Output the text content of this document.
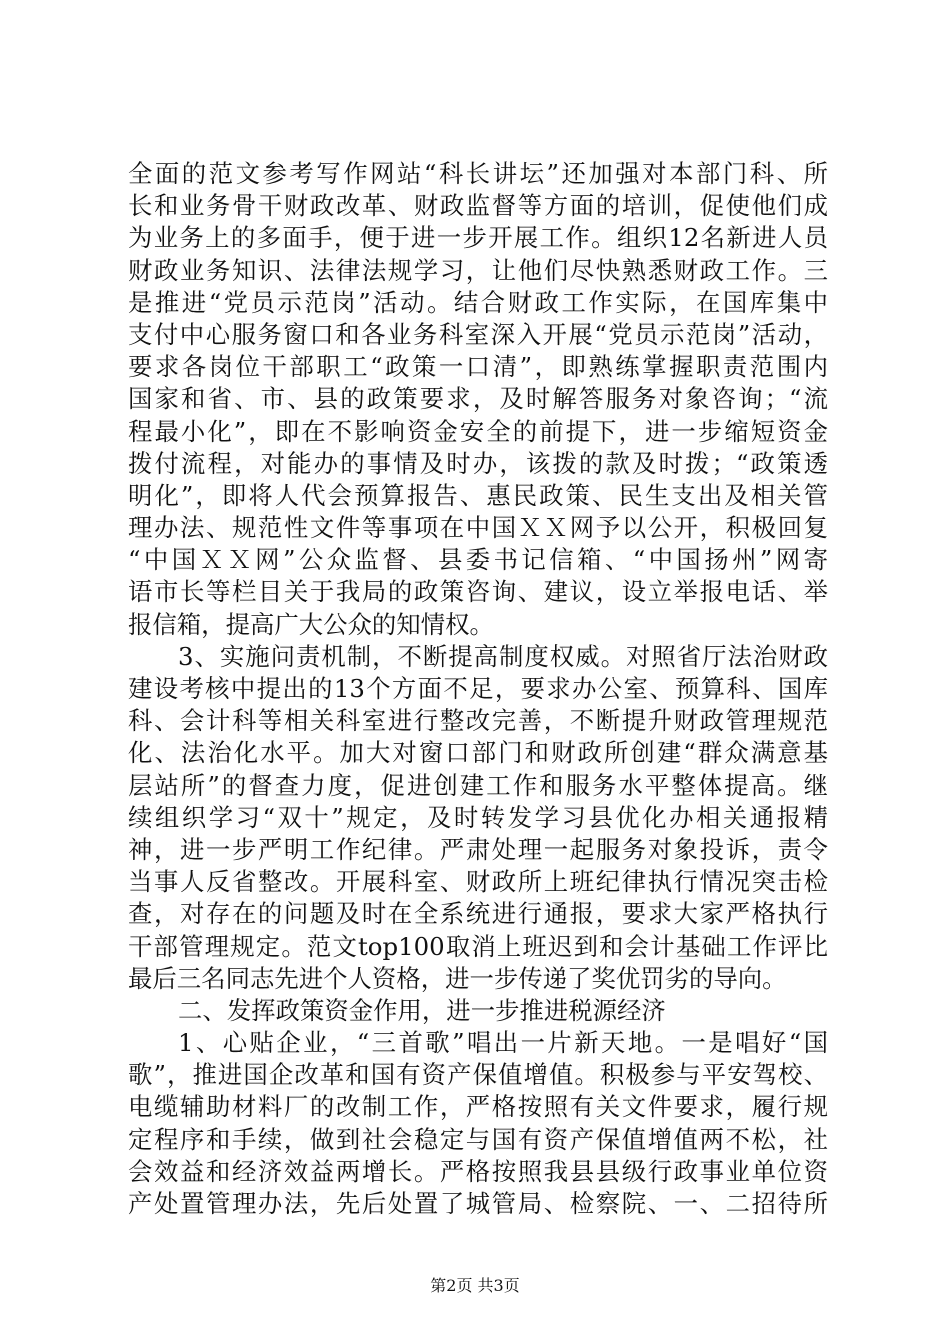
全面的范文参考写作网站“科长讲坛”还加强对本部门科、所
长和业务骨干财政改革、财政监督等方面的培训，促使他们成
为业务上的多面手，便于进一步开展工作。组织12名新进人员
财政业务知识、法律法规学习，让他们尽快熟悉财政工作。三
是推进“党员示范岗”活动。结合财政工作实际，在国库集中
支付中心服务窗口和各业务科室深入开展“党员示范岗”活动，
要求各岗位干部职工“政策一口清”，即熟练掌握职责范围内
国家和省、市、县的政策要求，及时解答服务对象咨询；“流
程最小化”，即在不影响资金安全的前提下，进一步缩短资金
拨付流程，对能办的事情及时办，该拨的款及时拨；“政策透
明化”，即将人代会预算报告、惠民政策、民生支出及相关管
理办法、规范性文件等事项在中国ＸＸ网予以公开，积极回复
“中国ＸＸ网”公众监督、县委书记信箱、“中国扬州”网寄
语市长等栏目关于我局的政策咨询、建议，设立举报电话、举
报信箱，提高广大公众的知情权。
3、实施问责机制，不断提高制度权威。对照省厅法治财政
建设考核中提出的13个方面不足，要求办公室、预算科、国库
科、会计科等相关科室进行整改完善，不断提升财政管理规范
化、法治化水平。加大对窗口部门和财政所创建“群众满意基
层站所”的督查力度，促进创建工作和服务水平整体提高。继
续组织学习“双十”规定，及时转发学习县优化办相关通报精
神，进一步严明工作纪律。严肃处理一起服务对象投诉，责令
当事人反省整改。开展科室、财政所上班纪律执行情况突击检
查，对存在的问题及时在全系统进行通报，要求大家严格执行
干部管理规定。范文top100取消上班迟到和会计基础工作评比
最后三名同志先进个人资格，进一步传递了奖优罚劣的导向。
二、发挥政策资金作用，进一步推进税源经济
1、心贴企业，“三首歌”唱出一片新天地。一是唱好“国
歌”，推进国企改革和国有资产保值增值。积极参与平安驾校、
电缆辅助材料厂的改制工作，严格按照有关文件要求，履行规
定程序和手续，做到社会稳定与国有资产保值增值两不松，社
会效益和经济效益两增长。严格按照我县县级行政事业单位资
产处置管理办法，先后处置了城管局、检察院、一、二招待所
第2页 共3页
